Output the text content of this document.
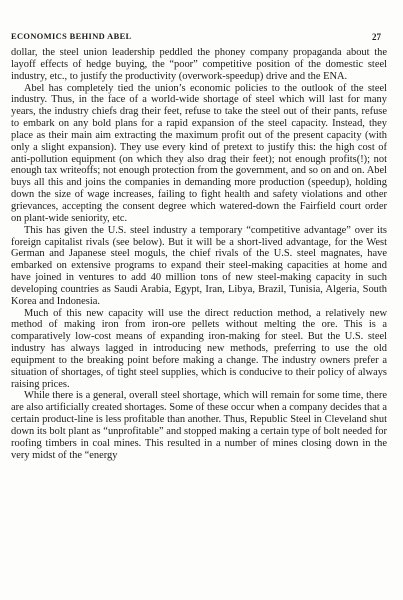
ECONOMICS BEHIND ABEL	27

dollar, the steel union leadership peddled the phoney company propaganda about the layoff effects of hedge buying, the “poor” competitive position of the domestic steel industry, etc., to justify the productivity (overwork-speedup) drive and the ENA.

Abel has completely tied the union’s economic policies to the outlook of the steel industry. Thus, in the face of a world-wide shortage of steel which will last for many years, the industry chiefs drag their feet, refuse to take the steel out of their pants, refuse to embark on any bold plans for a rapid expansion of the steel capacity. Instead, they place as their main aim extracting the maximum profit out of the present capacity (with only a slight expansion). They use every kind of pretext to justify this: the high cost of anti-pollution equipment (on which they also drag their feet); not enough profits(!); not enough tax writeoffs; not enough protection from the government, and so on and on. Abel buys all this and joins the companies in demanding more production (speedup), holding down the size of wage increases, failing to fight health and safety violations and other grievances, accepting the consent degree which watered-down the Fairfield court order on plant-wide seniority, etc.

This has given the U.S. steel industry a temporary “competitive advantage” over its foreign capitalist rivals (see below). But it will be a short-lived advantage, for the West German and Japanese steel moguls, the chief rivals of the U.S. steel magnates, have embarked on extensive programs to expand their steel-making capacities at home and have joined in ventures to add 40 million tons of new steel-making capacity in such developing countries as Saudi Arabia, Egypt, Iran, Libya, Brazil, Tunisia, Algeria, South Korea and Indonesia.

Much of this new capacity will use the direct reduction method, a relatively new method of making iron from iron-ore pellets without melting the ore. This is a comparatively low-cost means of expanding iron-making for steel. But the U.S. steel industry has always lagged in introducing new methods, preferring to use the old equipment to the breaking point before making a change. The industry owners prefer a situation of shortages, of tight steel supplies, which is conducive to their policy of always raising prices.

While there is a general, overall steel shortage, which will remain for some time, there are also artificially created shortages. Some of these occur when a company decides that a certain product-line is less profitable than another. Thus, Republic Steel in Cleveland shut down its bolt plant as “unprofitable” and stopped making a certain type of bolt needed for roofing timbers in coal mines. This resulted in a number of mines closing down in the very midst of the “energy
